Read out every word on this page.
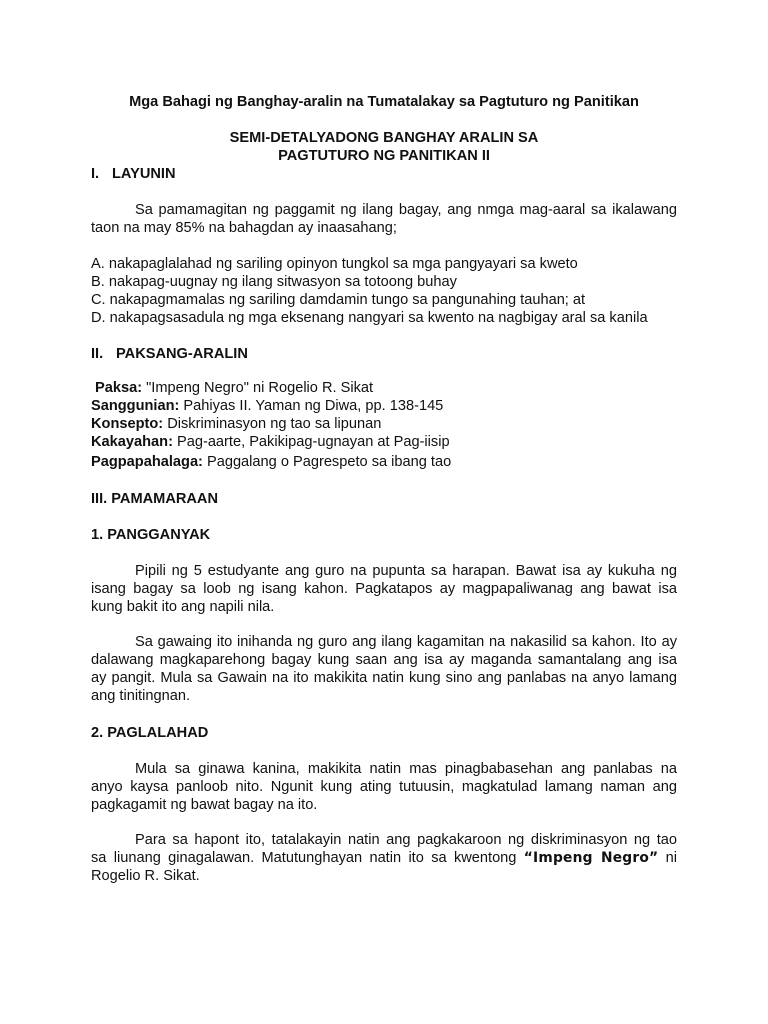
Mga Bahagi ng Banghay-aralin na Tumatalakay sa Pagtuturo ng Panitikan
SEMI-DETALYADONG BANGHAY ARALIN SA
PAGTUTURO NG PANITIKAN II
I. LAYUNIN
Sa pamamagitan ng paggamit ng ilang bagay, ang nmga mag-aaral sa ikalawang
taon na may 85% na bahagdan ay inaasahang;
A. nakapaglalahad ng sariling opinyon tungkol sa mga pangyayari sa kweto
B. nakapag-uugnay ng ilang sitwasyon sa totoong buhay
C. nakapagmamalas ng sariling damdamin tungo sa pangunahing tauhan; at
D. nakapagsasadula ng mga eksenang nangyari sa kwento na nagbigay aral sa kanila
II. PAKSANG-ARALIN
Paksa: "Impeng Negro" ni Rogelio R. Sikat
Sanggunian: Pahiyas II. Yaman ng Diwa, pp. 138-145
Konsepto: Diskriminasyon ng tao sa lipunan
Kakayahan: Pag-aarte, Pakikipag-ugnayan at Pag-iisip
Pagpapahalaga: Paggalang o Pagrespeto sa ibang tao
III. PAMAMARAAN
1. PANGGANYAK
Pipili ng 5 estudyante ang guro na pupunta sa harapan. Bawat isa ay kukuha ng
isang bagay sa loob ng isang kahon. Pagkatapos ay magpapaliwanag ang bawat isa
kung bakit ito ang napili nila.
Sa gawaing ito inihanda ng guro ang ilang kagamitan na nakasilid sa kahon. Ito ay
dalawang magkaparehong bagay kung saan ang isa ay maganda samantalang ang isa
ay pangit. Mula sa Gawain na ito makikita natin kung sino ang panlabas na anyo lamang
ang tinitingnan.
2. PAGLALAHAD
Mula sa ginawa kanina, makikita natin mas pinagbabasehan ang panlabas na
anyo kaysa panloob nito. Ngunit kung ating tutuusin, magkatulad lamang naman ang
pagkagamit ng bawat bagay na ito.
Para sa hapont ito, tatalakayin natin ang pagkakaroon ng diskriminasyon ng tao
sa liunang ginagalawan. Matutunghayan natin ito sa kwentong “Impeng Negro” ni
Rogelio R. Sikat.
